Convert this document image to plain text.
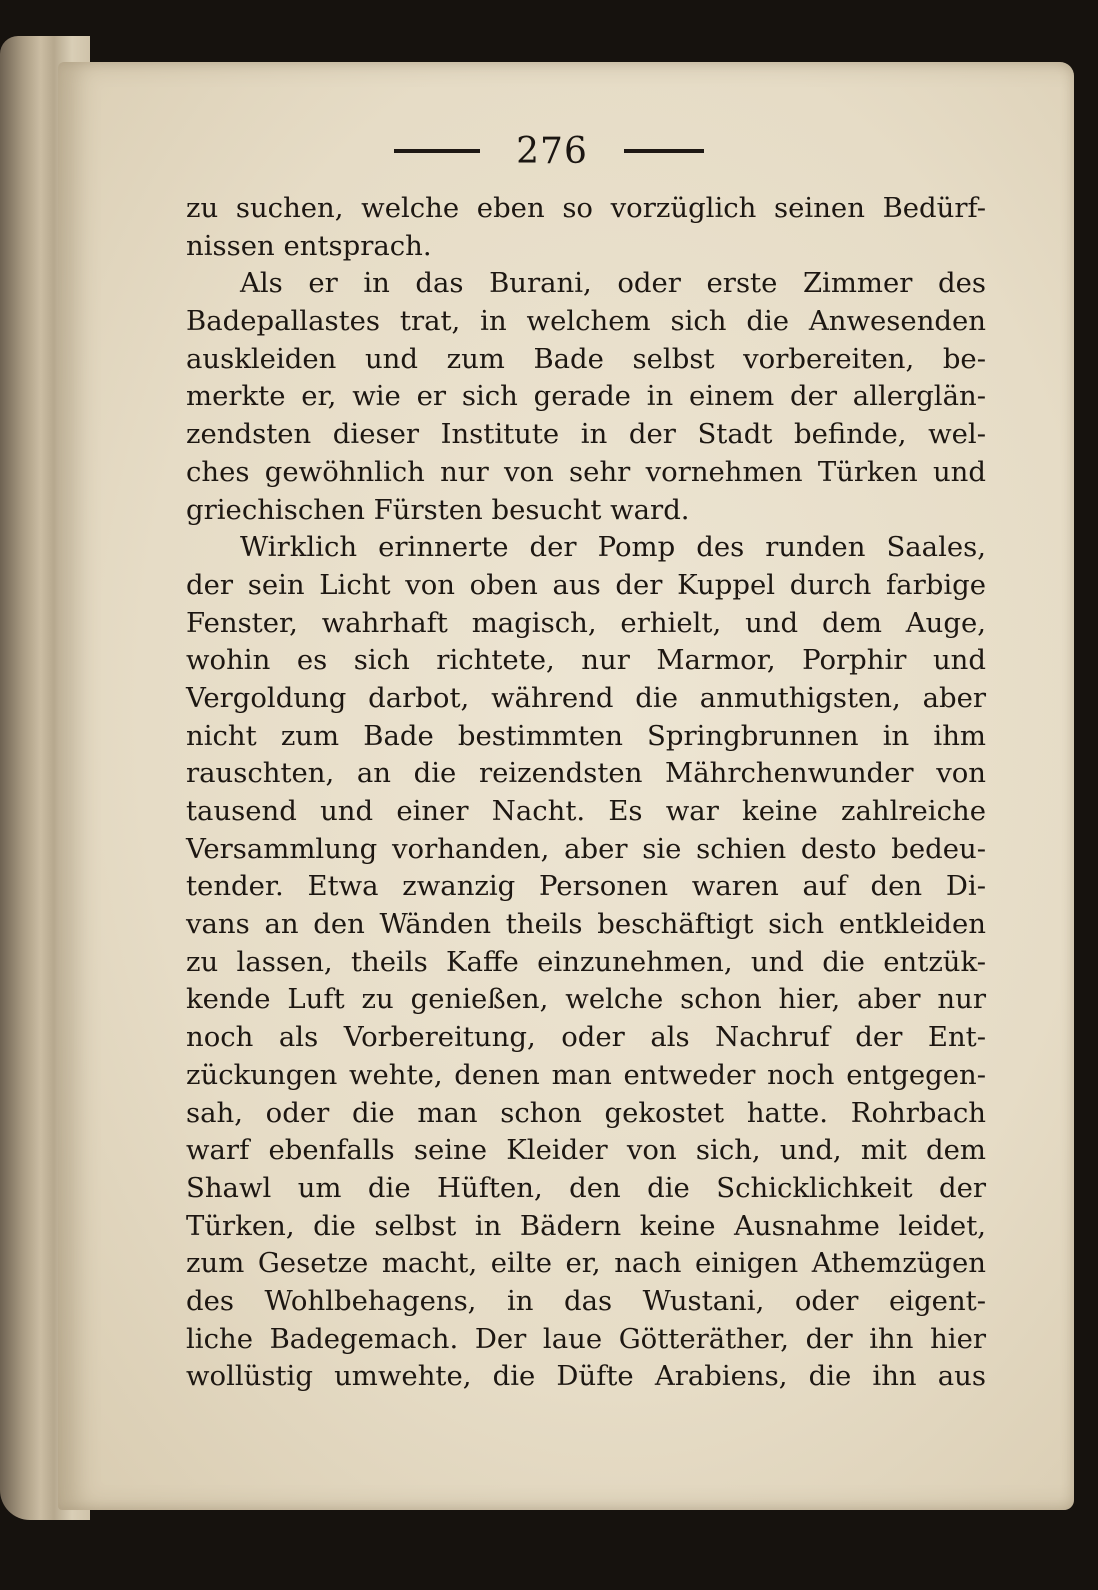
276
zu suchen, welche eben so vorzüglich seinen Bedürf-
nissen entsprach.
Als er in das Burani, oder erste Zimmer des
Badepallastes trat, in welchem sich die Anwesenden
auskleiden und zum Bade selbst vorbereiten, be-
merkte er, wie er sich gerade in einem der allerglän-
zendsten dieser Institute in der Stadt befinde, wel-
ches gewöhnlich nur von sehr vornehmen Türken und
griechischen Fürsten besucht ward.
Wirklich erinnerte der Pomp des runden Saales,
der sein Licht von oben aus der Kuppel durch farbige
Fenster, wahrhaft magisch, erhielt, und dem Auge,
wohin es sich richtete, nur Marmor, Porphir und
Vergoldung darbot, während die anmuthigsten, aber
nicht zum Bade bestimmten Springbrunnen in ihm
rauschten, an die reizendsten Mährchenwunder von
tausend und einer Nacht. Es war keine zahlreiche
Versammlung vorhanden, aber sie schien desto bedeu-
tender. Etwa zwanzig Personen waren auf den Di-
vans an den Wänden theils beschäftigt sich entkleiden
zu lassen, theils Kaffe einzunehmen, und die entzük-
kende Luft zu genießen, welche schon hier, aber nur
noch als Vorbereitung, oder als Nachruf der Ent-
zückungen wehte, denen man entweder noch entgegen-
sah, oder die man schon gekostet hatte. Rohrbach
warf ebenfalls seine Kleider von sich, und, mit dem
Shawl um die Hüften, den die Schicklichkeit der
Türken, die selbst in Bädern keine Ausnahme leidet,
zum Gesetze macht, eilte er, nach einigen Athemzügen
des Wohlbehagens, in das Wustani, oder eigent-
liche Badegemach. Der laue Götteräther, der ihn hier
wollüstig umwehte, die Düfte Arabiens, die ihn aus
